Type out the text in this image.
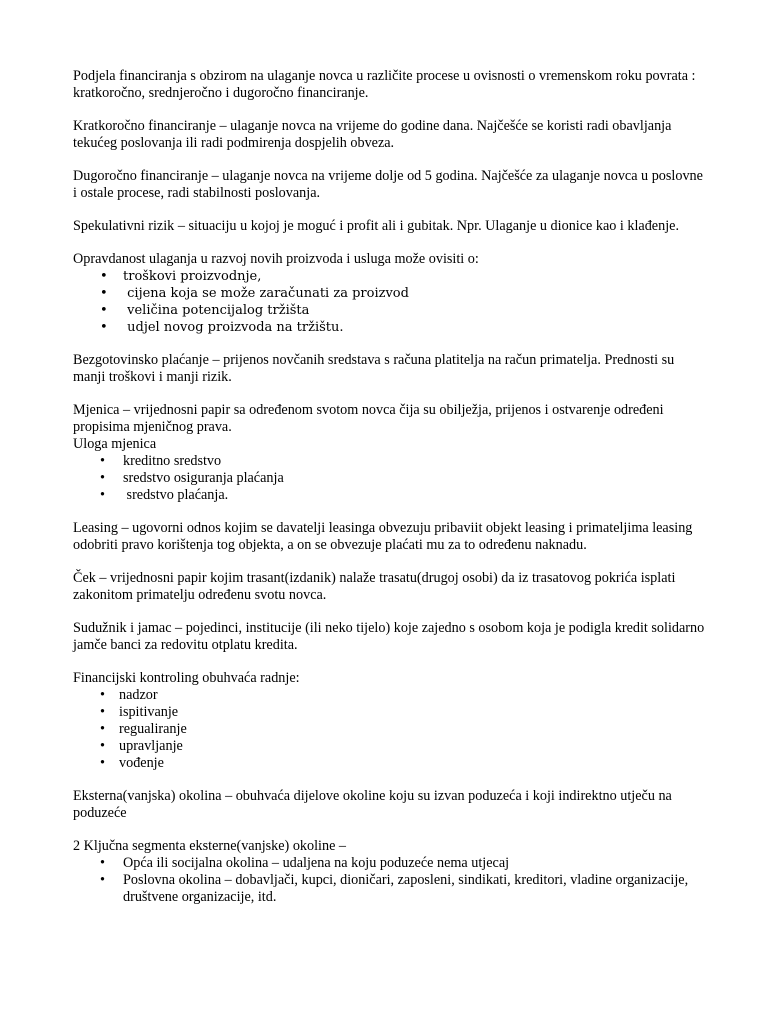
Podjela financiranja s obzirom na ulaganje novca u različite procese u ovisnosti o vremenskom roku povrata : kratkoročno, srednjeročno i dugoročno financiranje.

Kratkoročno financiranje – ulaganje novca na vrijeme do godine dana. Najčešće se koristi radi obavljanja tekućeg poslovanja ili radi podmirenja dospjelih obveza.

Dugoročno financiranje – ulaganje novca na vrijeme dolje od 5 godina. Najčešće za ulaganje novca u poslovne i ostale procese, radi stabilnosti poslovanja.

Spekulativni rizik – situaciju u kojoj je moguć i profit ali i gubitak. Npr. Ulaganje u dionice kao i klađenje.

Opravdanost ulaganja u razvoj novih proizvoda i usluga može ovisiti o:

• troškovi proizvodnje,
•  cijena koja se može zaračunati za proizvod
•  veličina potencijalog tržišta
•  udjel novog proizvoda na tržištu.

Bezgotovinsko plaćanje – prijenos novčanih sredstava s računa platitelja na račun primatelja. Prednosti su manji troškovi i manji rizik.

Mjenica – vrijednosni papir sa određenom svotom novca čija su obilježja, prijenos i ostvarenje određeni propisima mjeničnog prava.

Uloga mjenica

• kreditno sredstvo
• sredstvo osiguranja plaćanja
•  sredstvo plaćanja.

Leasing – ugovorni odnos kojim se davatelji leasinga obvezuju pribaviit objekt leasing i primateljima leasing odobriti pravo korištenja tog objekta, a on se obvezuje plaćati mu za to određenu naknadu.

Ček – vrijednosni papir kojim trasant(izdanik) nalaže trasatu(drugoj osobi) da iz trasatovog pokrića isplati zakonitom primatelju određenu svotu novca.

Sudužnik i jamac – pojedinci, institucije (ili neko tijelo) koje zajedno s osobom koja je podigla kredit solidarno jamče banci za redovitu otplatu kredita.

Financijski kontroling obuhvaća radnje:

• nadzor
• ispitivanje
• regualiranje
• upravljanje
• vođenje

Eksterna(vanjska) okolina – obuhvaća dijelove okoline koju su izvan poduzeća i koji indirektno utječu na poduzeće

2 Ključna segmenta eksterne(vanjske) okoline –

• Opća ili socijalna okolina – udaljena na koju poduzeće nema utjecaj
• Poslovna okolina – dobavljači, kupci, dioničari, zaposleni, sindikati, kreditori, vladine organizacije, društvene organizacije, itd.
